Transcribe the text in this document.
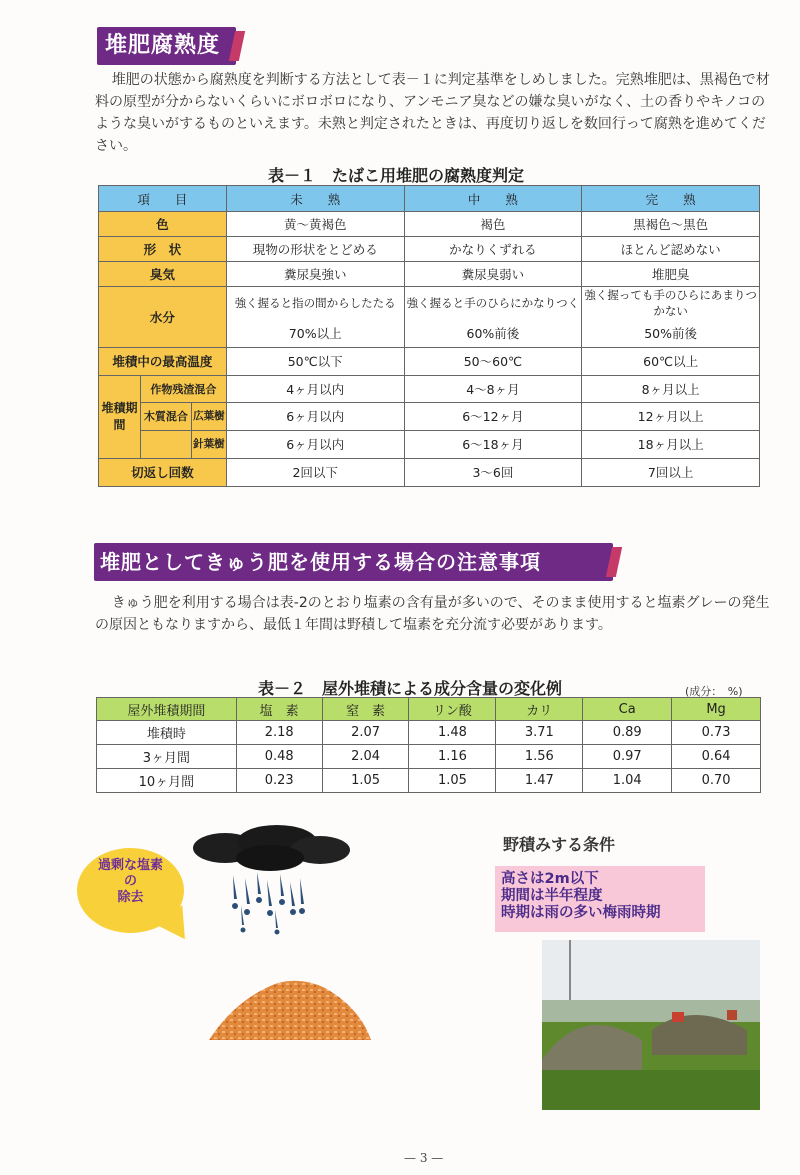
堆肥腐熟度
堆肥の状態から腐熟度を判断する方法として表－１に判定基準をしめしました。完熟堆肥は、黒褐色で材料の原型が分からないくらいにボロボロになり、アンモニア臭などの嫌な臭いがなく、土の香りやキノコのような臭いがするものといえます。未熟と判定されたときは、再度切り返しを数回行って腐熟を進めてください。
表－１　たばこ用堆肥の腐熟度判定
項　　目		未　　熟	中　　熟	完　　熟
色		黄～黄褐色	褐色	黒褐色～黒色
形　状		現物の形状をとどめる	かなりくずれる	ほとんど認めない
臭気		糞尿臭強い	糞尿臭弱い	堆肥臭
水分		強く握ると指の間からしたたる	強く握ると手のひらにかなりつく	強く握っても手のひらにあまりつかない
		70%以上	60%前後	50%前後
堆積中の最高温度		50℃以下	50～60℃	60℃以上
堆積期間	作物残渣混合	4ヶ月以内	4～8ヶ月	8ヶ月以上

	木質混合 広葉樹	6ヶ月以内	6～12ヶ月	12ヶ月以上

	針葉樹	6ヶ月以内	6～18ヶ月	18ヶ月以上
切返し回数		2回以下	3～6回	7回以上
堆肥としてきゅう肥を使用する場合の注意事項
きゅう肥を利用する場合は表-2のとおり塩素の含有量が多いので、そのまま使用すると塩素グレーの発生の原因ともなりますから、最低１年間は野積して塩素を充分流す必要があります。
表－２　屋外堆積による成分含量の変化例	(成分：　%)
屋外堆積期間	塩　素	窒　素	リン酸	カリ	Ca	Mg
堆積時	2.18	2.07	1.48	3.71	0.89	0.73
3ヶ月間	0.48	2.04	1.16	1.56	0.97	0.64
10ヶ月間	0.23	1.05	1.05	1.47	1.04	0.70
過剰な塩素
の
除去
野積みする条件
高さは2m以下
期間は半年程度
時期は雨の多い梅雨時期
— 3 —
